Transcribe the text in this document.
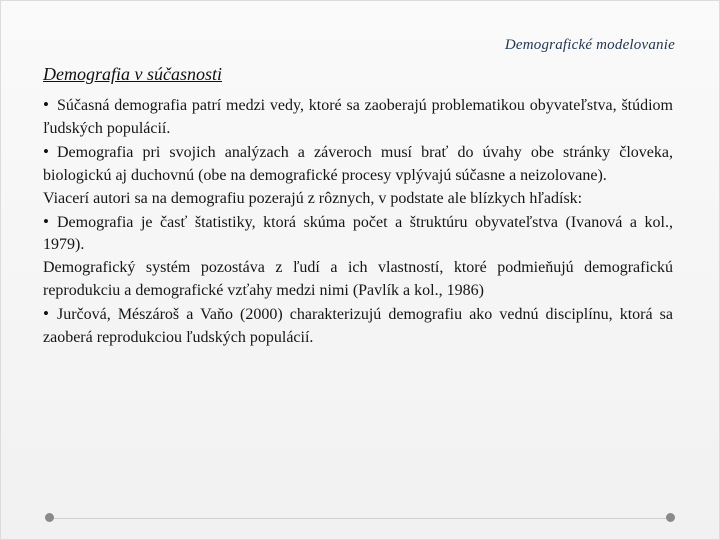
Demografické modelovanie
Demografia v súčasnosti

• Súčasná demografia patrí medzi vedy, ktoré sa zaoberajú problematikou obyvateľstva, štúdiom ľudských populácií.

• Demografia pri svojich analýzach a záveroch musí brať do úvahy obe stránky človeka, biologickú aj duchovnú (obe na demografické procesy vplývajú súčasne a neizolovane).

Viacerí autori sa na demografiu pozerajú z rôznych, v podstate ale blízkych hľadísk:

• Demografia je časť štatistiky, ktorá skúma počet a štruktúru obyvateľstva (Ivanová a kol., 1979).

Demografický systém pozostáva z ľudí a ich vlastností, ktoré podmieňujú demografickú reprodukciu a demografické vzťahy medzi nimi (Pavlík a kol., 1986)

• Jurčová, Mészároš a Vaňo (2000) charakterizujú demografiu ako vednú disciplínu, ktorá sa zaoberá reprodukciou ľudských populácií.
